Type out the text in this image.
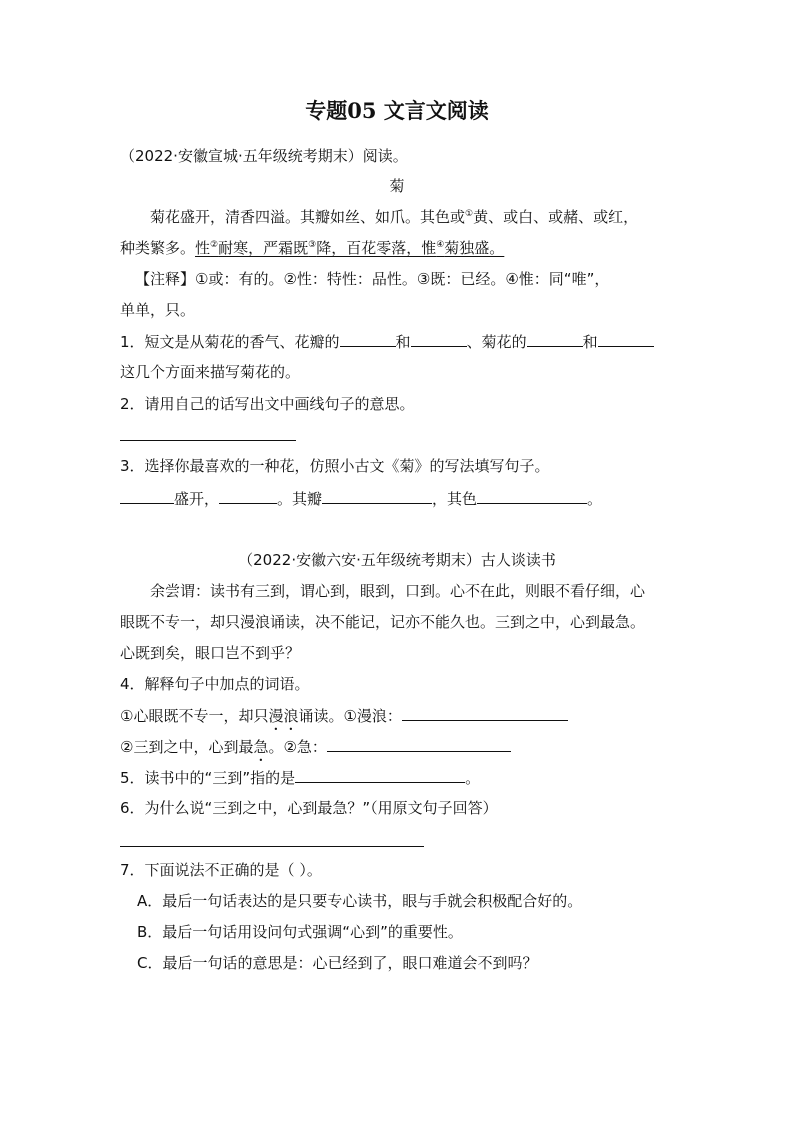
专题05 文言文阅读
（2022·安徽宣城·五年级统考期末）阅读。
菊
菊花盛开，清香四溢。其瓣如丝、如爪。其色或①黄、或白、或赭、或红，
种类繁多。性②耐寒，严霜既③降，百花零落，惟④菊独盛。
【注释】①或：有的。②性：特性：品性。③既：已经。④惟：同“唯”，
单单，只。
1．短文是从菊花的香气、花瓣的	和	、菊花的	和
这几个方面来描写菊花的。
2．请用自己的话写出文中画线句子的意思。
3．选择你最喜欢的一种花，仿照小古文《菊》的写法填写句子。
盛开，	。其瓣	，其色	。
（2022·安徽六安·五年级统考期末）古人谈读书
余尝谓：读书有三到，谓心到，眼到，口到。心不在此，则眼不看仔细，心
眼既不专一，却只漫浪诵读，决不能记，记亦不能久也。三到之中，心到最急。
心既到矣，眼口岂不到乎？
4．解释句子中加点的词语。
①心眼既不专一，却只漫浪诵读。①漫浪：
②三到之中，心到最急。②急：
5．读书中的“三到”指的是	。
6．为什么说“三到之中，心到最急？”（用原文句子回答）
7．下面说法不正确的是（ ）。
A．最后一句话表达的是只要专心读书，眼与手就会积极配合好的。
B．最后一句话用设问句式强调“心到”的重要性。
C．最后一句话的意思是：心已经到了，眼口难道会不到吗？
